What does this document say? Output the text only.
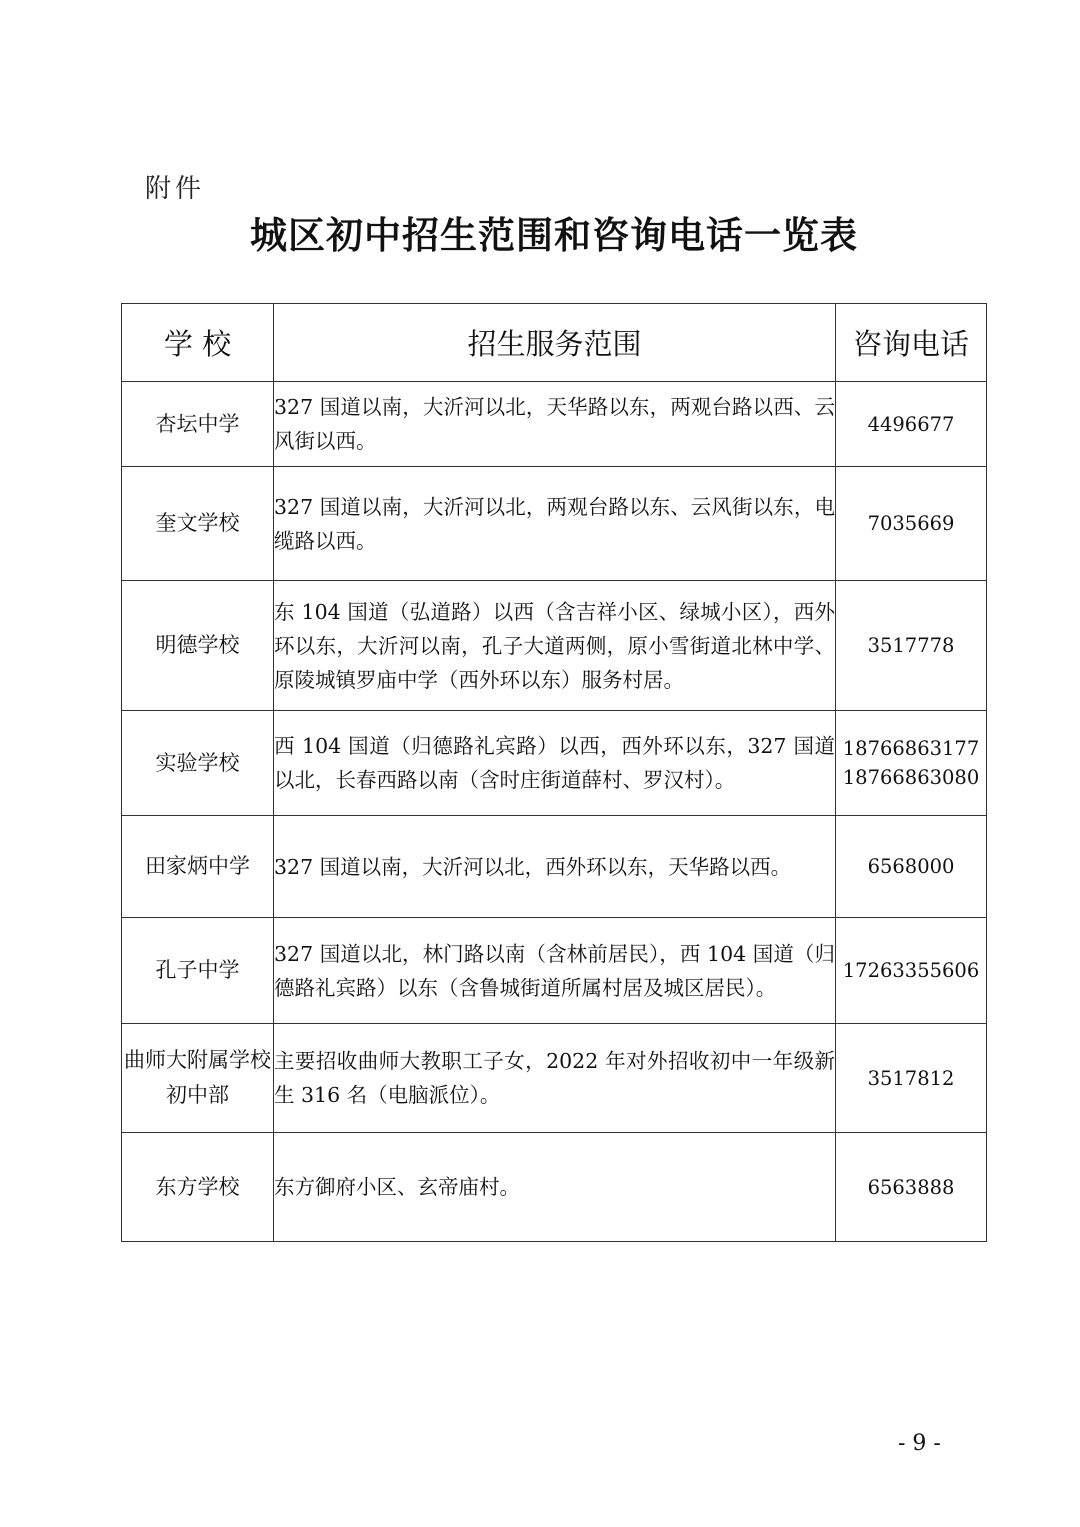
附件
城区初中招生范围和咨询电话一览表
学 校	招生服务范围	咨询电话
杏坛中学	327 国道以南，大沂河以北，天华路以东，两观台路以西、云风街以西。	4496677

奎文学校	327 国道以南，大沂河以北，两观台路以东、云风街以东，电缆路以西。	7035669

明德学校	东 104 国道（弘道路）以西（含吉祥小区、绿城小区），西外环以东，大沂河以南，孔子大道两侧，原小雪街道北林中学、原陵城镇罗庙中学（西外环以东）服务村居。	3517778

实验学校	西 104 国道（归德路礼宾路）以西，西外环以东，327 国道以北，长春西路以南（含时庄街道薛村、罗汉村）。	18766863177
18766863080

田家炳中学	327 国道以南，大沂河以北，西外环以东，天华路以西。	6568000

孔子中学	327 国道以北，林门路以南（含林前居民），西 104 国道（归德路礼宾路）以东（含鲁城街道所属村居及城区居民）。	17263355606

曲师大附属学校初中部	主要招收曲师大教职工子女，2022 年对外招收初中一年级新生 316 名（电脑派位）。	3517812

东方学校	东方御府小区、玄帝庙村。	6563888
- 9 -
